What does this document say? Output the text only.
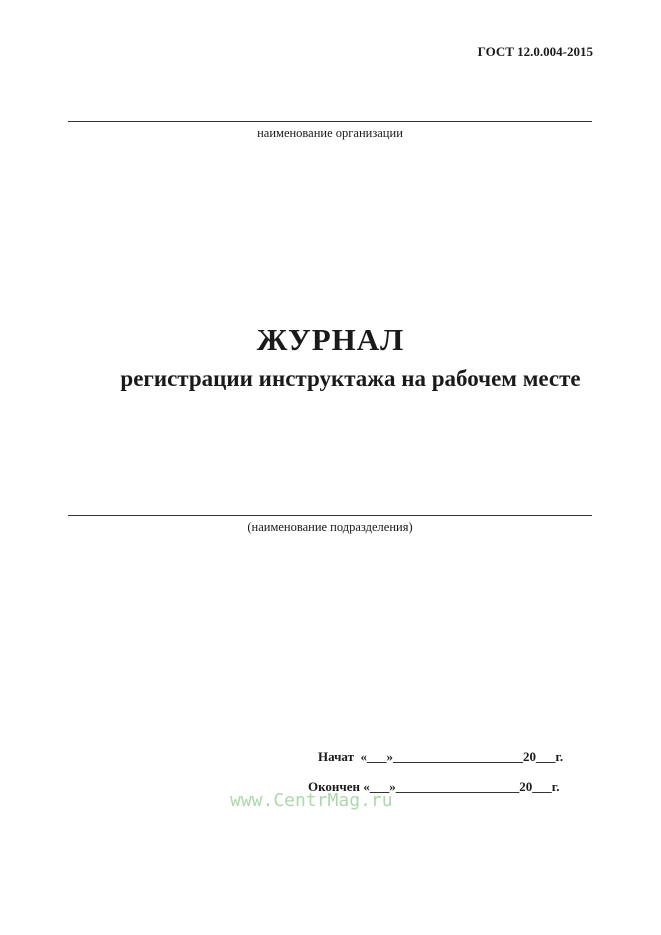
ГОСТ 12.0.004-2015
наименование организации
ЖУРНАЛ
регистрации инструктажа на рабочем месте
(наименование подразделения)
Начат  «___»____________________20___г.
Окончен «___»___________________20___г.
www.CentrMag.ru
